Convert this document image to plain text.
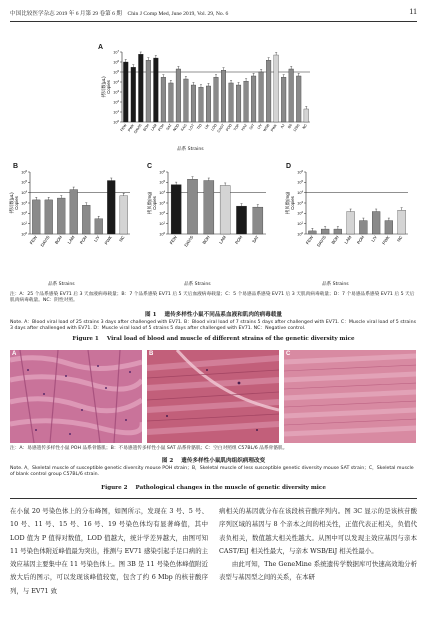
中国比较医学杂志 2019 年 6 月第 29 卷第 6 期　Chin J Comp Med, June 2019, Vol. 29, No. 6	11
A
拷贝数(μL)Copies
$10^0$
$10^1$
$10^2$
$10^3$
$10^4$
$10^5$
$10^6$
$10^7$
FEW PWK
DAVIS BOH LAM POH SAT NOD KAG LOT TID LIK LOD
CAST POD TOP HAZ GIT LIV WSB PWK AJ B6 129S NC
品系 Strains
B
拷贝数(μL)Copies
$10^0$
$10^1$
$10^2$
$10^3$
$10^4$
$10^5$
$10^6$
FEW DAVIS BOH LAM POH LIV PWK NC
品系 Strains
C
拷贝数(mg)Copies
$10^0$
$10^1$
$10^2$
$10^3$
$10^4$
$10^5$
$10^6$
FEW DAVIS BOH LAM POH SAT
品系 Strains
D
拷贝数(mg)Copies
$10^0$
$10^1$
$10^2$
$10^3$
$10^4$
$10^5$
$10^6$
FEW DAVIS BOH LAM POH LIV PWK NC
品系 Strains
注：A：25 个品系感染 EV71 后 3 天血液病毒载量；B：7 个品系感染 EV71 后 5 天后血液病毒载量；C：5 个易感品系感染 EV71 后 3 天肌肉病毒载量；D：7 个易感品系感染 EV71 后 5 天后肌肉病毒载量。NC：阴性对照。
图 1 遗传多样性小鼠不同品系血液和肌肉的病毒载量
Note. A：Blood viral load of 25 strains 3 days after challenged with EV71. B：Blood viral load of 7 strains 5 days after challenged with EV71. C：Muscle viral load of 5 strains 3 days after challenged with EV71. D：Muscle viral load of 5 strains 5 days after challenged with EV71. NC：Negative control.
Figure 1 Viral load of blood and muscle of different strains of the genetic diversity mice
A	B	C
注：A：易感遗传多样性小鼠 POH 品系骨骼肌；B：不易感遗传多样性小鼠 SAT 品系骨骼肌；C：空白对照组 C57BL/6 品系骨骼肌。
图 2 遗传多样性小鼠肌肉组织病理改变
Note. A，Skeletal muscle of susceptible genetic diversity mouse POH strain；B，Skeletal muscle of less susceptible genetic diversity mouse SAT strain；C，Skeletal muscle of blank control group C57BL/6 strain.
Figure 2 Pathological changes in the muscle of genetic diversity mice
在小鼠 20 号染色体上的分布峰图，如图所示，发现在 3 号、5 号、10 号、11 号、15 号、16 号、19 号染色体均有显著峰值，其中 LOD 值为 P 值得对数值，LOD 值越大，统计学差异越大，由图可知 11 号染色体附近峰值最为突出，推测与 EV71 感染引起手足口病的主效应基因主要集中在 11 号染色体上。图 3B 是 11 号染色体峰值附近放大后的图示，可以发现该峰值较宽，包含了约 6 Mbp 的核苷酸序列，与 EV71 致
病相关的基因就分布在该段核苷酸序列内。图 3C 显示的是该核苷酸序列区域的基因与 8 个亲本之间的相关性，正值代表正相关，负值代表负相关，数值越大相关性越大。从图中可以发现主效应基因与亲本 CAST/EiJ 相关性最大，与亲本 WSB/EiJ 相关性最小。
　　由此可知，The GeneMine 系统遗传学数据库可快速高效地分析表型与基因型之间的关系，在本研
